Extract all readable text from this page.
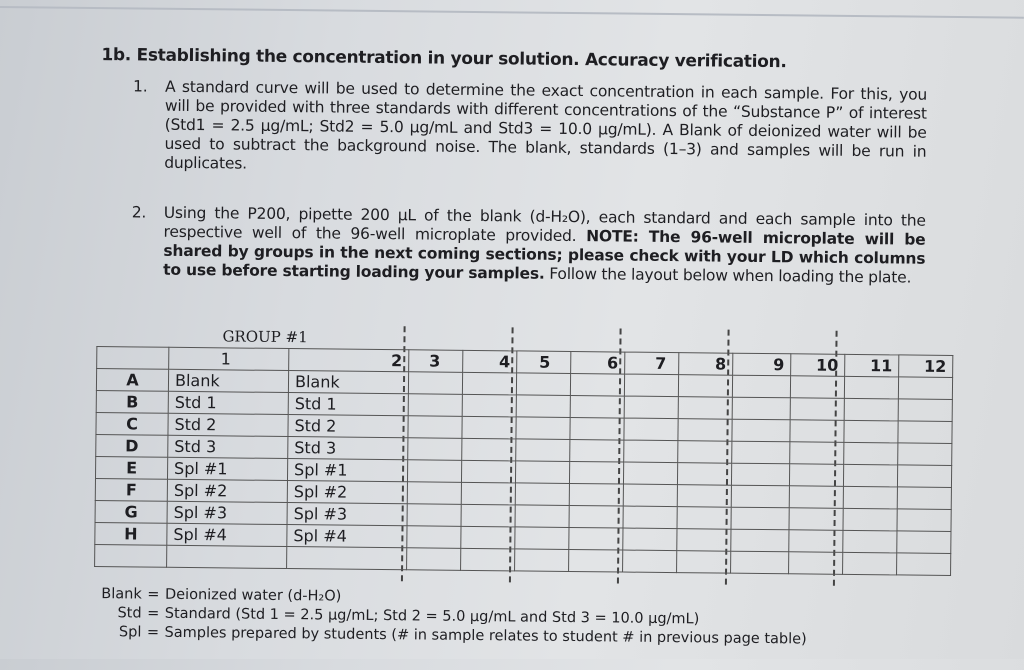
1b. Establishing the concentration in your solution. Accuracy verification.
1. A standard curve will be used to determine the exact concentration in each sample. For this, you will be provided with three standards with different concentrations of the “Substance P” of interest (Std1 = 2.5 µg/mL; Std2 = 5.0 µg/mL and Std3 = 10.0 µg/mL). A Blank of deionized water will be used to subtract the background noise. The blank, standards (1–3) and samples will be run in duplicates.
2. Using the P200, pipette 200 µL of the blank (d-H₂O), each standard and each sample into the respective well of the 96-well microplate provided. NOTE: The 96-well microplate will be shared by groups in the next coming sections; please check with your LD which columns to use before starting loading your samples. Follow the layout below when loading the plate.
GROUP #1
	1	2	3	4	5	6	7	8	9	10	11	12
A	Blank	Blank										
B	Std 1	Std 1										
C	Std 2	Std 2										
D	Std 3	Std 3										
E	Spl #1	Spl #1										
F	Spl #2	Spl #2										
G	Spl #3	Spl #3										
H	Spl #4	Spl #4										

Blank = Deionized water (d-H₂O)
Std = Standard (Std 1 = 2.5 µg/mL; Std 2 = 5.0 µg/mL and Std 3 = 10.0 µg/mL)
Spl = Samples prepared by students (# in sample relates to student # in previous page table)
